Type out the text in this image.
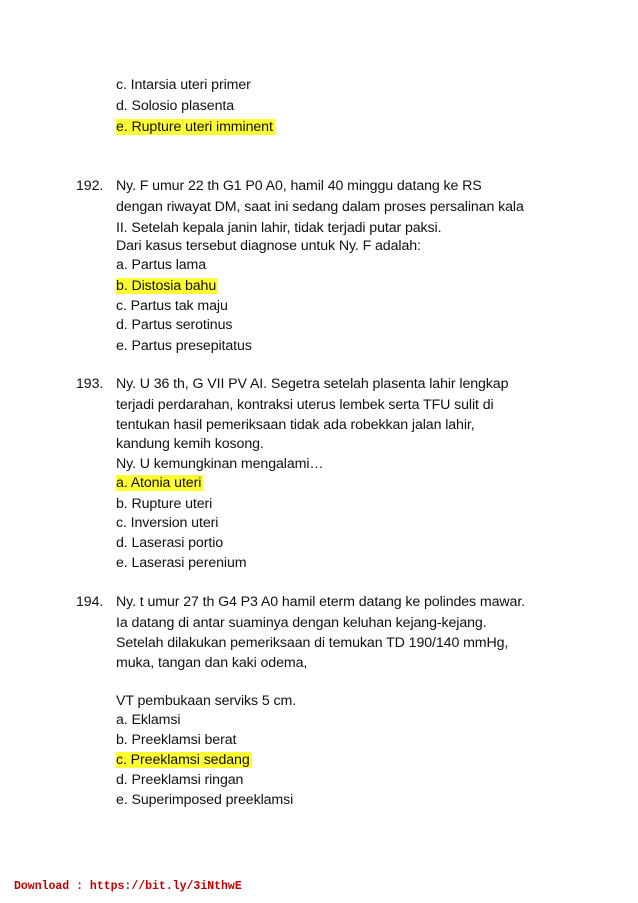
c. Intarsia uteri primer
d. Solosio plasenta
e. Rupture uteri imminent
192. Ny. F umur 22 th G1 P0 A0, hamil 40 minggu datang ke RS
dengan riwayat DM, saat ini sedang dalam proses persalinan kala
II. Setelah kepala janin lahir, tidak terjadi putar paksi.
Dari kasus tersebut diagnose untuk Ny. F adalah:
a. Partus lama
b. Distosia bahu
c. Partus tak maju
d. Partus serotinus
e. Partus presepitatus
193. Ny. U 36 th, G VII PV AI. Segetra setelah plasenta lahir lengkap
terjadi perdarahan, kontraksi uterus lembek serta TFU sulit di
tentukan hasil pemeriksaan tidak ada robekkan jalan lahir,
kandung kemih kosong.
Ny. U kemungkinan mengalami…
a. Atonia uteri
b. Rupture uteri
c. Inversion uteri
d. Laserasi portio
e. Laserasi perenium
194. Ny. t umur 27 th G4 P3 A0 hamil eterm datang ke polindes mawar.
Ia datang di antar suaminya dengan keluhan kejang-kejang.
Setelah dilakukan pemeriksaan di temukan TD 190/140 mmHg,
muka, tangan dan kaki odema,
VT pembukaan serviks 5 cm.
a. Eklamsi
b. Preeklamsi berat
c. Preeklamsi sedang
d. Preeklamsi ringan
e. Superimposed preeklamsi
Download : https://bit.ly/3iNthwE
